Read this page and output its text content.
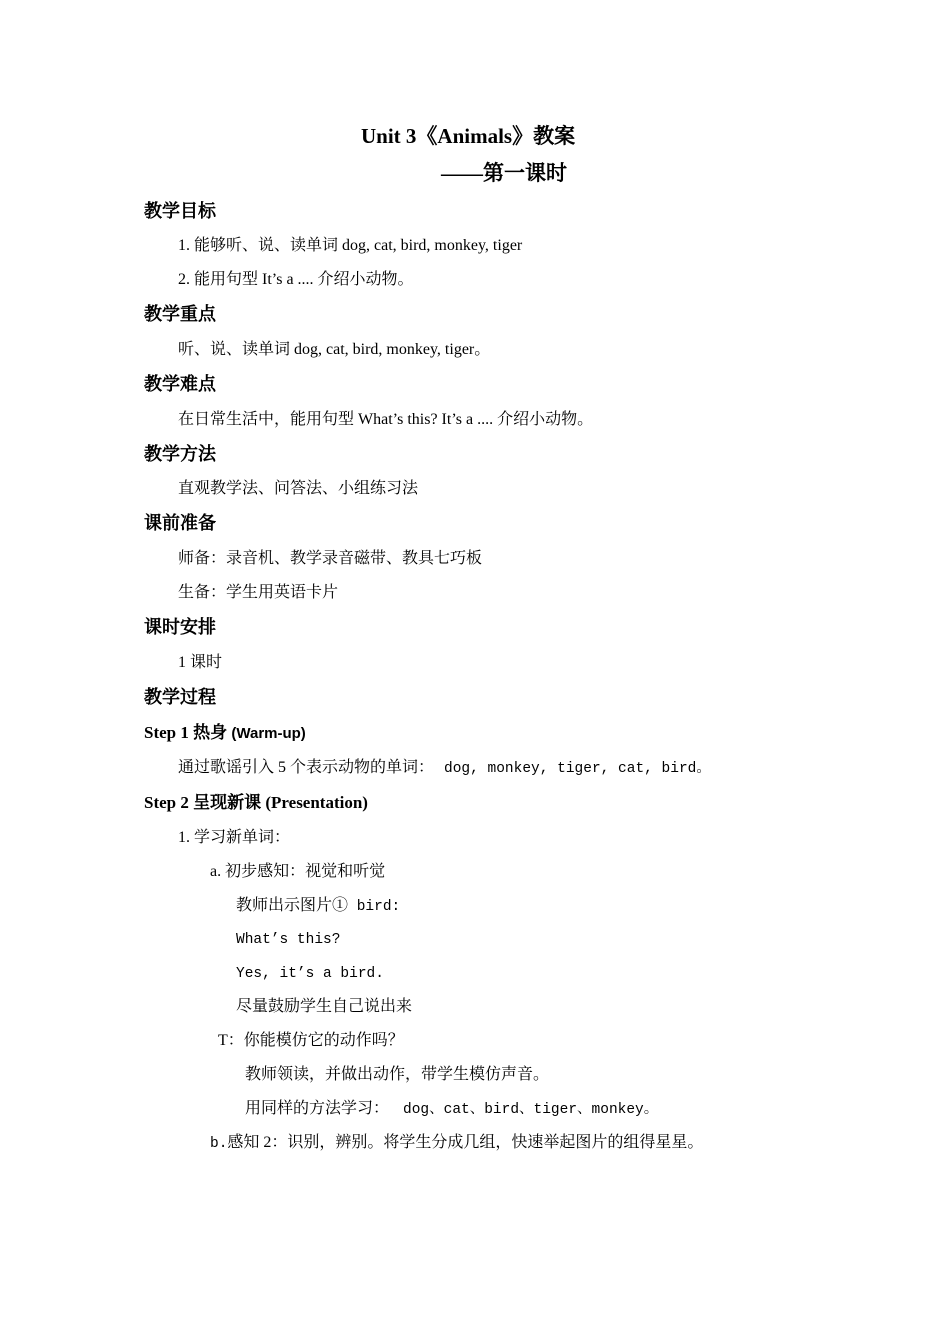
Unit 3《Animals》教案
——第一课时
教学目标
1. 能够听、说、读单词 dog, cat, bird, monkey, tiger
2. 能用句型 It’s a .... 介绍小动物。
教学重点
听、说、读单词 dog, cat, bird, monkey, tiger。
教学难点
在日常生活中，能用句型 What’s this? It’s a .... 介绍小动物。
教学方法
直观教学法、问答法、小组练习法
课前准备
师备：录音机、教学录音磁带、教具七巧板
生备：学生用英语卡片
课时安排
1 课时
教学过程
Step 1 热身 (Warm-up)
通过歌谣引入 5 个表示动物的单词： dog, monkey, tiger, cat, bird。
Step 2 呈现新课 (Presentation)
1. 学习新单词：
a. 初步感知：视觉和听觉
教师出示图片① bird:
What’s this?
Yes, it’s a bird.
尽量鼓励学生自己说出来
T：你能模仿它的动作吗？
教师领读，并做出动作，带学生模仿声音。
用同样的方法学习： dog、cat、bird、tiger、monkey。
b.感知 2：识别，辨别。将学生分成几组，快速举起图片的组得星星。
